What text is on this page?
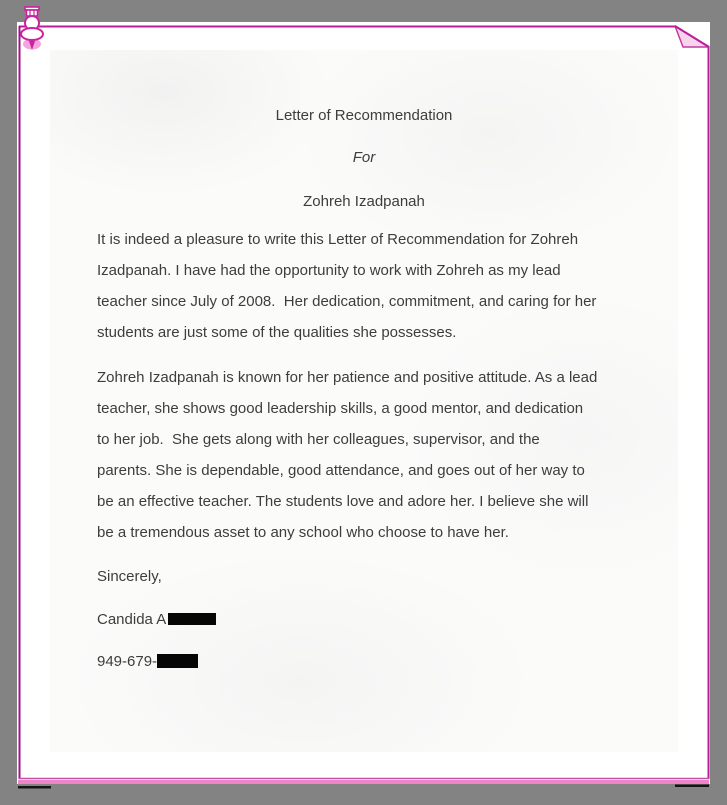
Letter of Recommendation
For
Zohreh Izadpanah
It is indeed a pleasure to write this Letter of Recommendation for Zohreh
Izadpanah. I have had the opportunity to work with Zohreh as my lead
teacher since July of 2008.  Her dedication, commitment, and caring for her
students are just some of the qualities she possesses.
Zohreh Izadpanah is known for her patience and positive attitude. As a lead
teacher, she shows good leadership skills, a good mentor, and dedication
to her job.  She gets along with her colleagues, supervisor, and the
parents. She is dependable, good attendance, and goes out of her way to
be an effective teacher. The students love and adore her. I believe she will
be a tremendous asset to any school who choose to have her.
Sincerely,
Candida A
949-679-
